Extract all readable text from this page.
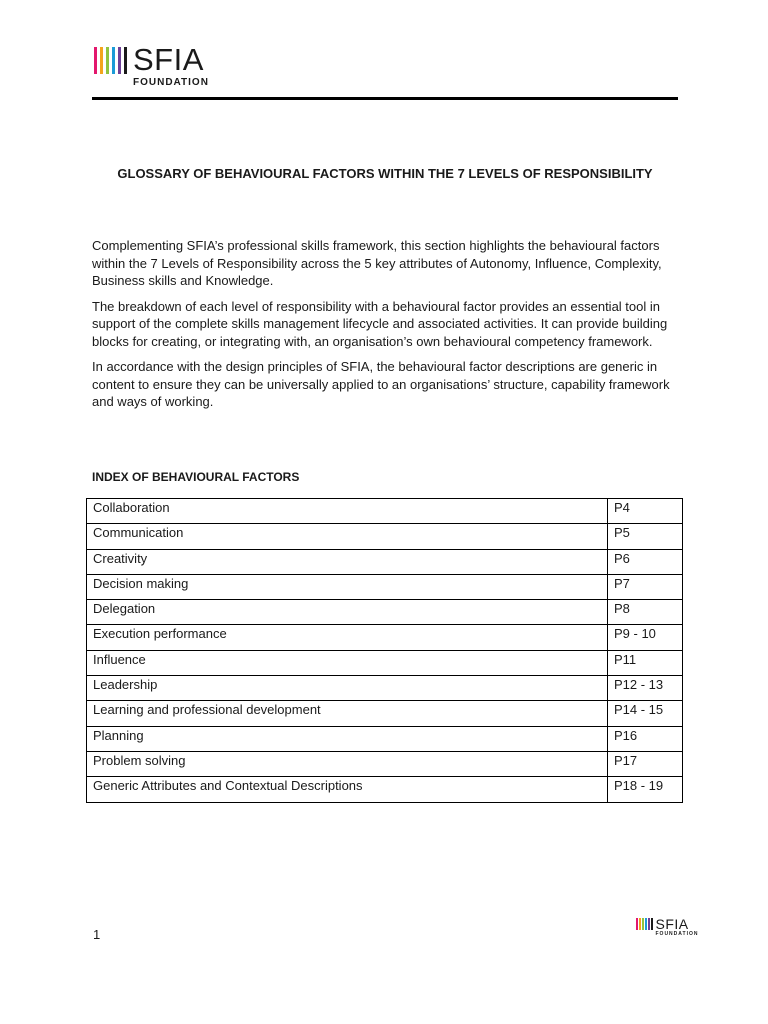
SFIA
FOUNDATION
GLOSSARY OF BEHAVIOURAL FACTORS WITHIN THE 7 LEVELS OF RESPONSIBILITY

Complementing SFIA’s professional skills framework, this section highlights the behavioural factors within the 7 Levels of Responsibility across the 5 key attributes of Autonomy, Influence, Complexity, Business skills and Knowledge.

The breakdown of each level of responsibility with a behavioural factor provides an essential tool in support of the complete skills management lifecycle and associated activities. It can provide building blocks for creating, or integrating with, an organisation’s own behavioural competency framework.

In accordance with the design principles of SFIA, the behavioural factor descriptions are generic in content to ensure they can be universally applied to an organisations’ structure, capability framework and ways of working.

INDEX OF BEHAVIOURAL FACTORS
Collaboration	P4
Communication	P5
Creativity	P6
Decision making	P7
Delegation	P8
Execution performance	P9 - 10
Influence	P11
Leadership	P12 - 13
Learning and professional development	P14 - 15
Planning	P16
Problem solving	P17
Generic Attributes and Contextual Descriptions	P18 - 19
1
SFIA
FOUNDATION
